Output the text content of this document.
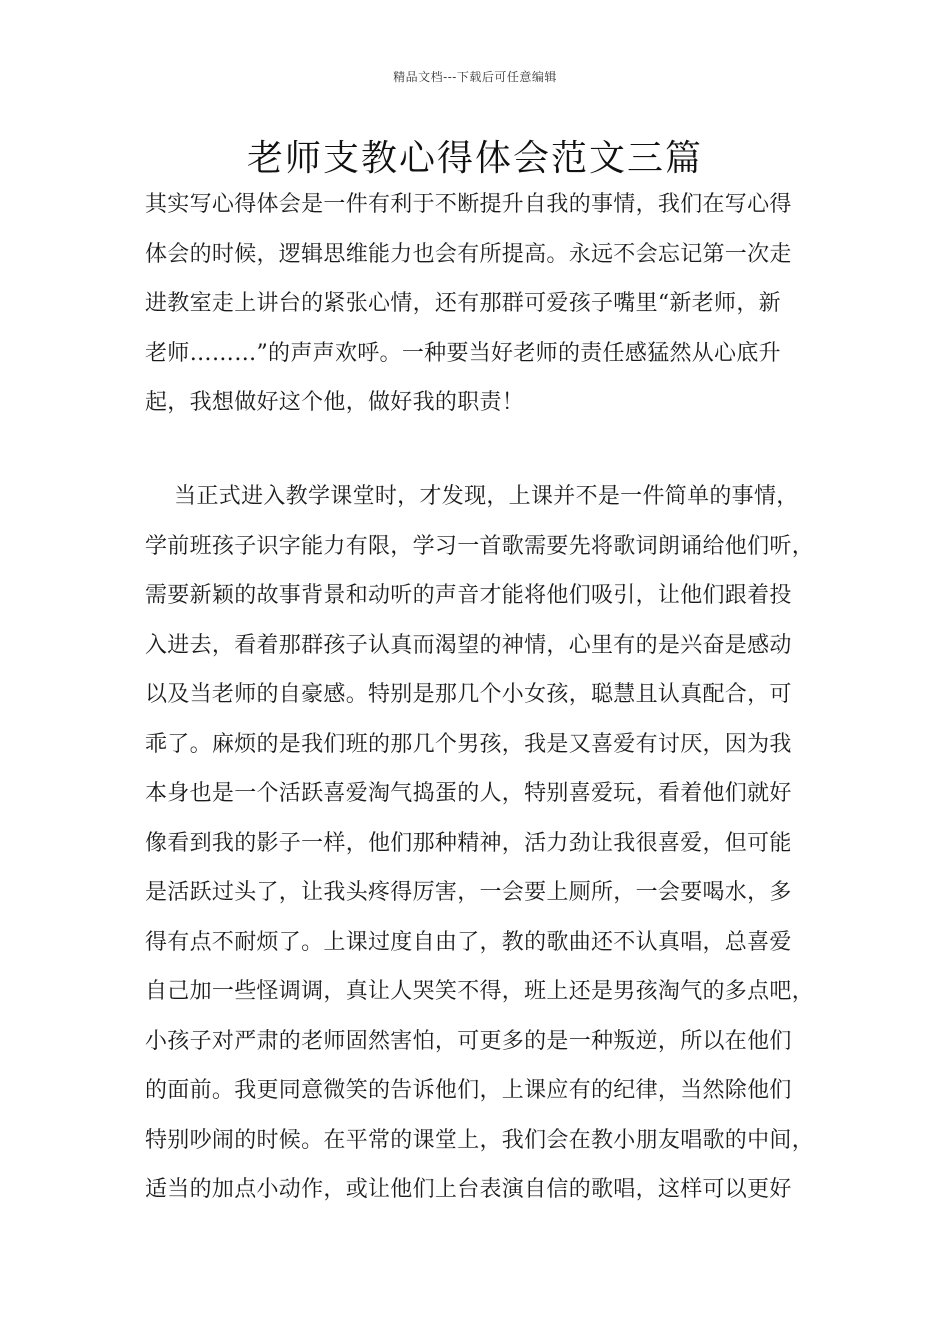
精品文档---下载后可任意编辑
老师支教心得体会范文三篇
其实写心得体会是一件有利于不断提升自我的事情，我们在写心得
体会的时候，逻辑思维能力也会有所提高。永远不会忘记第一次走
进教室走上讲台的紧张心情，还有那群可爱孩子嘴里“新老师，新
老师………”的声声欢呼。一种要当好老师的责任感猛然从心底升
起，我想做好这个他，做好我的职责！
当正式进入教学课堂时，才发现，上课并不是一件简单的事情，
学前班孩子识字能力有限，学习一首歌需要先将歌词朗诵给他们听，
需要新颖的故事背景和动听的声音才能将他们吸引，让他们跟着投
入进去，看着那群孩子认真而渴望的神情，心里有的是兴奋是感动
以及当老师的自豪感。特别是那几个小女孩，聪慧且认真配合，可
乖了。麻烦的是我们班的那几个男孩，我是又喜爱有讨厌，因为我
本身也是一个活跃喜爱淘气捣蛋的人，特别喜爱玩，看着他们就好
像看到我的影子一样，他们那种精神，活力劲让我很喜爱，但可能
是活跃过头了，让我头疼得厉害，一会要上厕所，一会要喝水，多
得有点不耐烦了。上课过度自由了，教的歌曲还不认真唱，总喜爱
自己加一些怪调调，真让人哭笑不得，班上还是男孩淘气的多点吧，
小孩子对严肃的老师固然害怕，可更多的是一种叛逆，所以在他们
的面前。我更同意微笑的告诉他们，上课应有的纪律，当然除他们
特别吵闹的时候。在平常的课堂上，我们会在教小朋友唱歌的中间，
适当的加点小动作，或让他们上台表演自信的歌唱，这样可以更好
